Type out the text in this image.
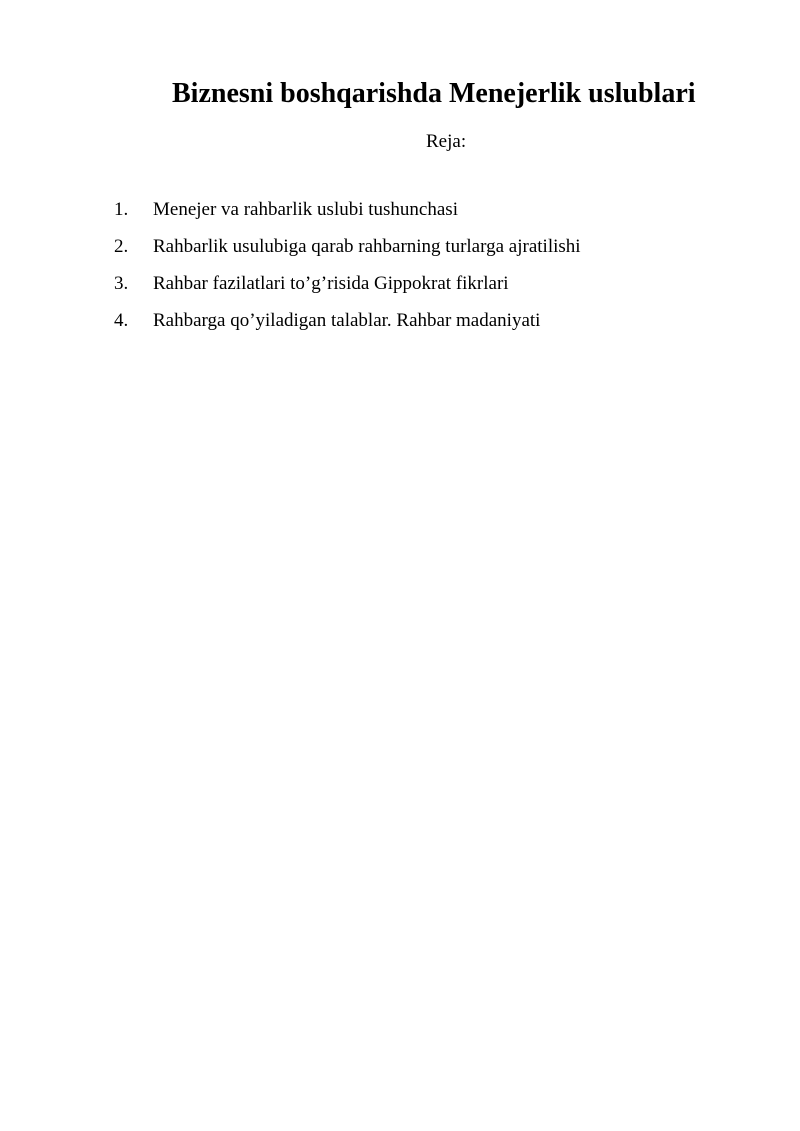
Biznesni boshqarishda Menejerlik uslublari
Reja:
1. Menejer va rahbarlik uslubi tushunchasi
2. Rahbarlik usulubiga qarab rahbarning turlarga ajratilishi
3. Rahbar fazilatlari to’g’risida Gippokrat fikrlari
4. Rahbarga qo’yiladigan talablar. Rahbar madaniyati
